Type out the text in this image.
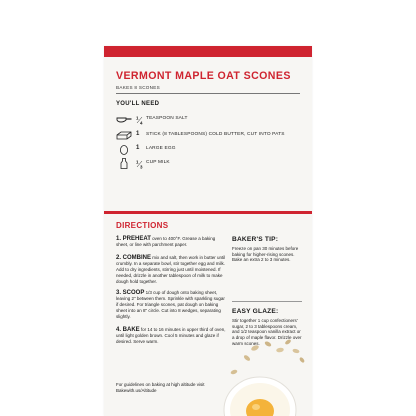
VERMONT MAPLE OAT SCONES
BAKES 8 SCONES
YOU'LL NEED
1
4
TEASPOON SALT
1 STICK (8 TABLESPOONS) COLD BUTTER, CUT INTO PATS
1 LARGE EGG
1
3
CUP MILK
DIRECTIONS
1. PREHEAT oven to 400°F. Grease a baking sheet, or line with parchment paper.
2. COMBINE mix and salt, then work in butter until crumbly. In a separate bowl, stir together egg and milk. Add to dry ingredients, stirring just until moistened. If needed, drizzle in another tablespoon of milk to make dough hold together.
3. SCOOP 1/3 cup of dough onto baking sheet, leaving 2" between them. Sprinkle with sparkling sugar if desired. For triangle scones, pat dough on baking sheet into an 8" circle. Cut into 8 wedges, separating slightly.
4. BAKE for 14 to 16 minutes in upper third of oven, until light golden brown. Cool 5 minutes and glaze if desired. Serve warm.
For guidelines on baking at high altitude visit Bakewith.us/Altitude
BAKER'S TIP:
Freeze on pan 30 minutes before baking for higher-rising scones. Bake an extra 2 to 3 minutes.
EASY GLAZE:
Stir together 1 cup confectioners' sugar, 2 to 3 tablespoons cream, and 1/2 teaspoon vanilla extract or a drop of maple flavor. Drizzle over warm scones.
